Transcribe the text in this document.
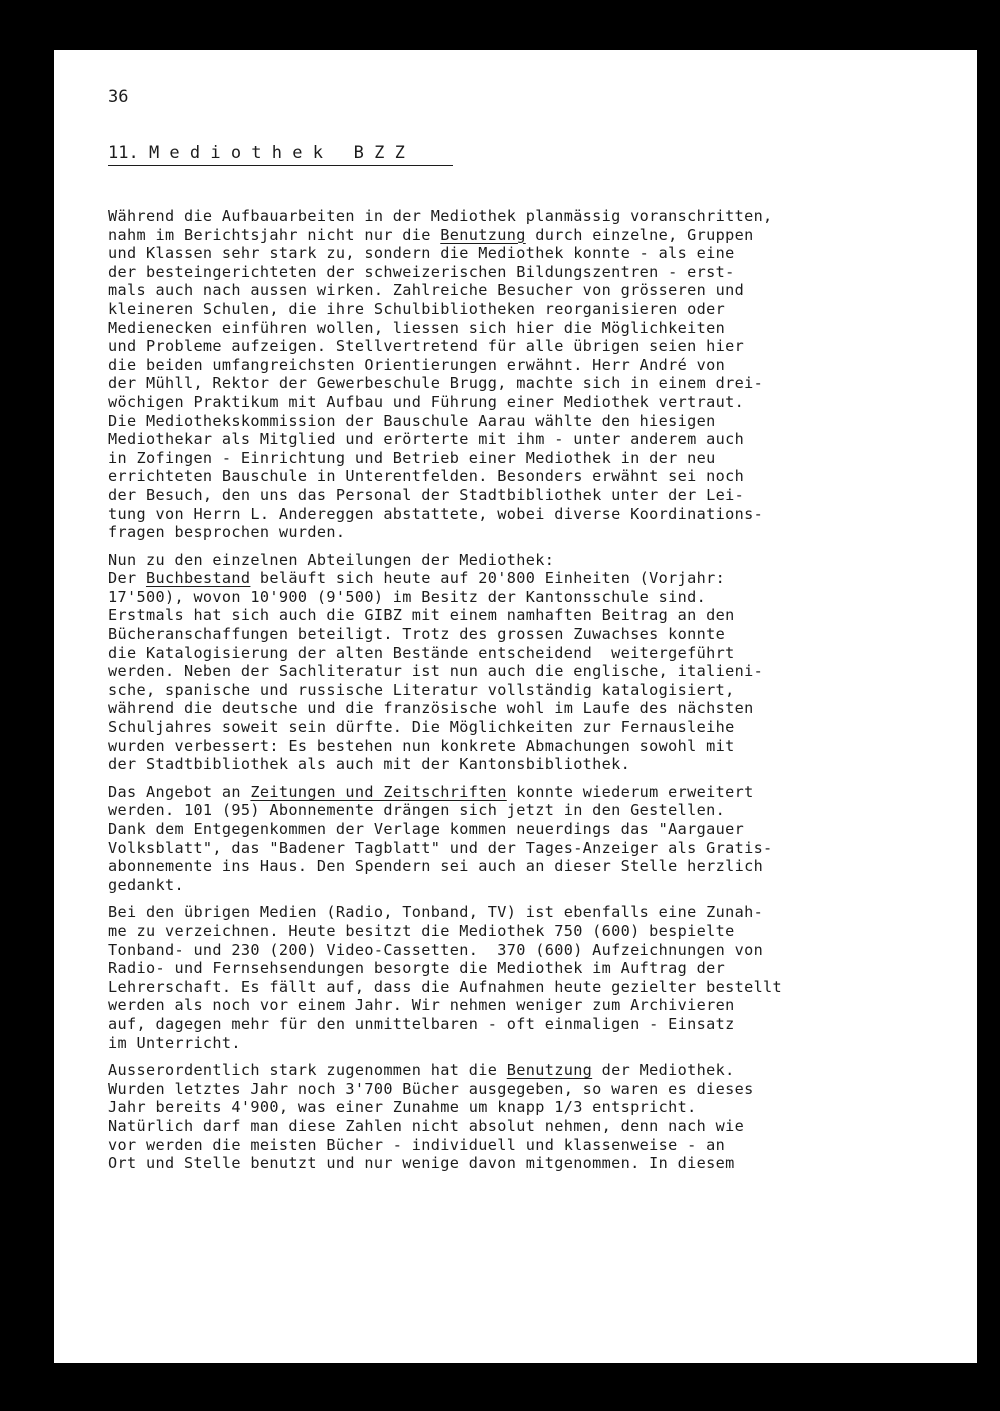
36

11. M e d i o t h e k   B Z Z
Während die Aufbauarbeiten in der Mediothek planmässig voranschritten,
nahm im Berichtsjahr nicht nur die Benutzung durch einzelne, Gruppen
und Klassen sehr stark zu, sondern die Mediothek konnte - als eine
der besteingerichteten der schweizerischen Bildungszentren - erst-
mals auch nach aussen wirken. Zahlreiche Besucher von grösseren und
kleineren Schulen, die ihre Schulbibliotheken reorganisieren oder
Medienecken einführen wollen, liessen sich hier die Möglichkeiten
und Probleme aufzeigen. Stellvertretend für alle übrigen seien hier
die beiden umfangreichsten Orientierungen erwähnt. Herr André von
der Mühll, Rektor der Gewerbeschule Brugg, machte sich in einem drei-
wöchigen Praktikum mit Aufbau und Führung einer Mediothek vertraut.
Die Mediothekskommission der Bauschule Aarau wählte den hiesigen
Mediothekar als Mitglied und erörterte mit ihm - unter anderem auch
in Zofingen - Einrichtung und Betrieb einer Mediothek in der neu
errichteten Bauschule in Unterentfelden. Besonders erwähnt sei noch
der Besuch, den uns das Personal der Stadtbibliothek unter der Lei-
tung von Herrn L. Andereggen abstattete, wobei diverse Koordinations-
fragen besprochen wurden.
Nun zu den einzelnen Abteilungen der Mediothek:
Der Buchbestand beläuft sich heute auf 20'800 Einheiten (Vorjahr:
17'500), wovon 10'900 (9'500) im Besitz der Kantonsschule sind.
Erstmals hat sich auch die GIBZ mit einem namhaften Beitrag an den
Bücheranschaffungen beteiligt. Trotz des grossen Zuwachses konnte
die Katalogisierung der alten Bestände entscheidend  weitergeführt
werden. Neben der Sachliteratur ist nun auch die englische, italieni-
sche, spanische und russische Literatur vollständig katalogisiert,
während die deutsche und die französische wohl im Laufe des nächsten
Schuljahres soweit sein dürfte. Die Möglichkeiten zur Fernausleihe
wurden verbessert: Es bestehen nun konkrete Abmachungen sowohl mit
der Stadtbibliothek als auch mit der Kantonsbibliothek.
Das Angebot an Zeitungen und Zeitschriften konnte wiederum erweitert
werden. 101 (95) Abonnemente drängen sich jetzt in den Gestellen.
Dank dem Entgegenkommen der Verlage kommen neuerdings das "Aargauer
Volksblatt", das "Badener Tagblatt" und der Tages-Anzeiger als Gratis-
abonnemente ins Haus. Den Spendern sei auch an dieser Stelle herzlich
gedankt.
Bei den übrigen Medien (Radio, Tonband, TV) ist ebenfalls eine Zunah-
me zu verzeichnen. Heute besitzt die Mediothek 750 (600) bespielte
Tonband- und 230 (200) Video-Cassetten.  370 (600) Aufzeichnungen von
Radio- und Fernsehsendungen besorgte die Mediothek im Auftrag der
Lehrerschaft. Es fällt auf, dass die Aufnahmen heute gezielter bestellt
werden als noch vor einem Jahr. Wir nehmen weniger zum Archivieren
auf, dagegen mehr für den unmittelbaren - oft einmaligen - Einsatz
im Unterricht.
Ausserordentlich stark zugenommen hat die Benutzung der Mediothek.
Wurden letztes Jahr noch 3'700 Bücher ausgegeben, so waren es dieses
Jahr bereits 4'900, was einer Zunahme um knapp 1/3 entspricht.
Natürlich darf man diese Zahlen nicht absolut nehmen, denn nach wie
vor werden die meisten Bücher - individuell und klassenweise - an
Ort und Stelle benutzt und nur wenige davon mitgenommen. In diesem
